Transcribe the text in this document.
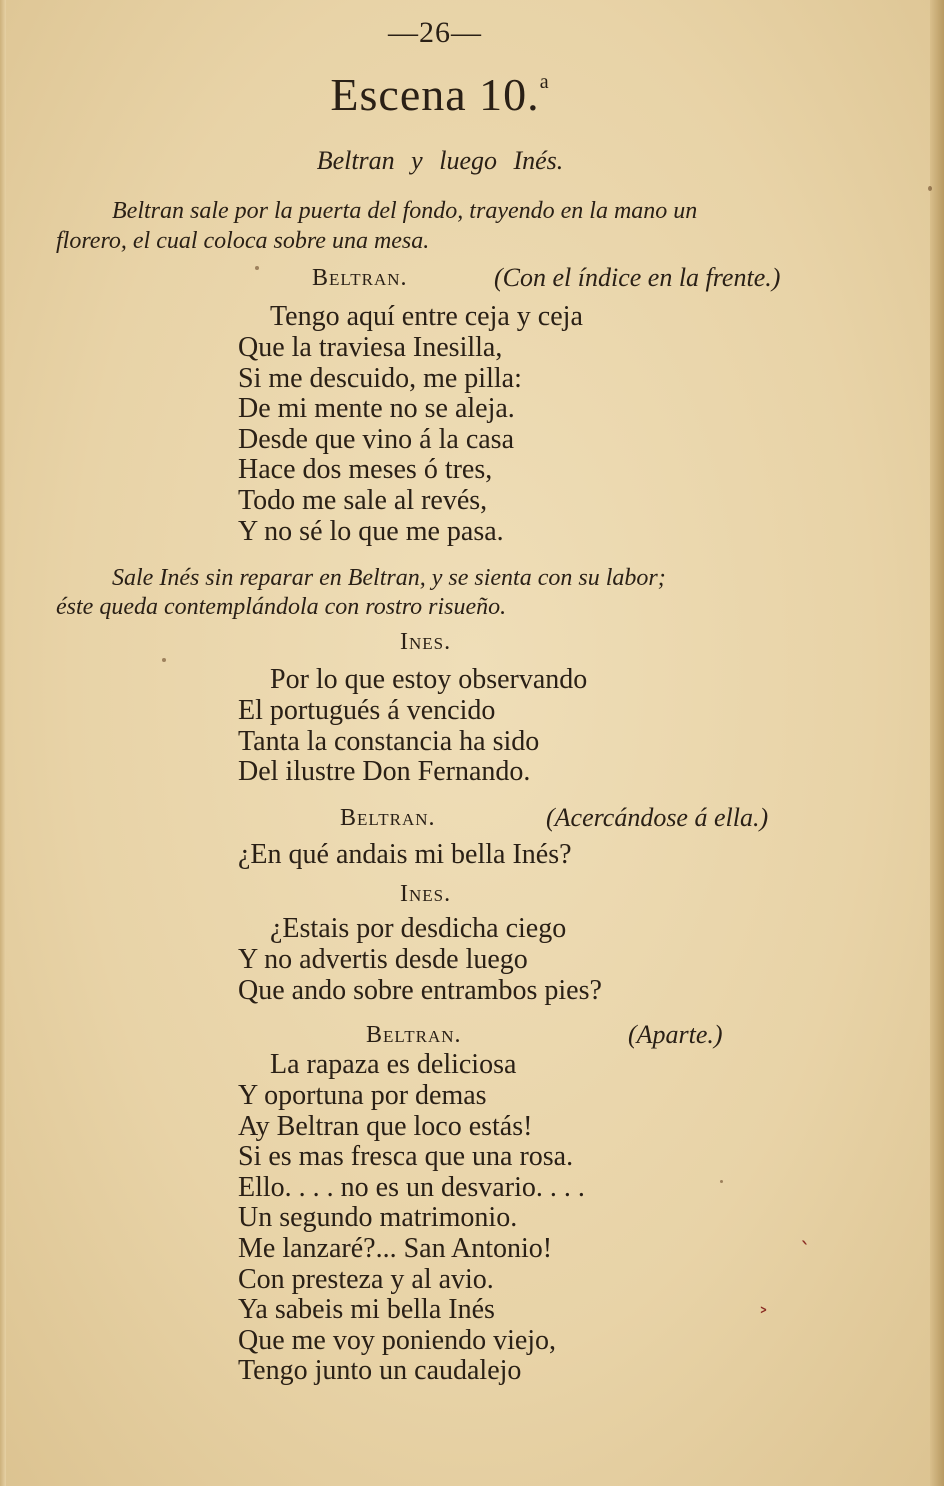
—26—
Escena 10.$^a$
Beltran y luego Inés.
Beltran sale por la puerta del fondo, trayendo en la mano un
florero, el cual coloca sobre una mesa.
Beltran.	(Con el índice en la frente.)
Tengo aquí entre ceja y ceja
Que la traviesa Inesilla,
Si me descuido, me pilla:
De mi mente no se aleja.
Desde que vino á la casa
Hace dos meses ó tres,
Todo me sale al revés,
Y no sé lo que me pasa.
Sale Inés sin reparar en Beltran, y se sienta con su labor;
éste queda contemplándola con rostro risueño.
Ines.
Por lo que estoy observando
El portugués á vencido
Tanta la constancia ha sido
Del ilustre Don Fernando.
Beltran.	(Acercándose á ella.)
¿En qué andais mi bella Inés?
Ines.
¿Estais por desdicha ciego
Y no advertis desde luego
Que ando sobre entrambos pies?
Beltran.	(Aparte.)
La rapaza es deliciosa
Y oportuna por demas
Ay Beltran que loco estás!
Si es mas fresca que una rosa.
Ello. . . . no es un desvario. . . .
Un segundo matrimonio.
Me lanzaré?... San Antonio!
Con presteza y al avio.
Ya sabeis mi bella Inés
Que me voy poniendo viejo,
Tengo junto un caudalejo
ˎ
˃
